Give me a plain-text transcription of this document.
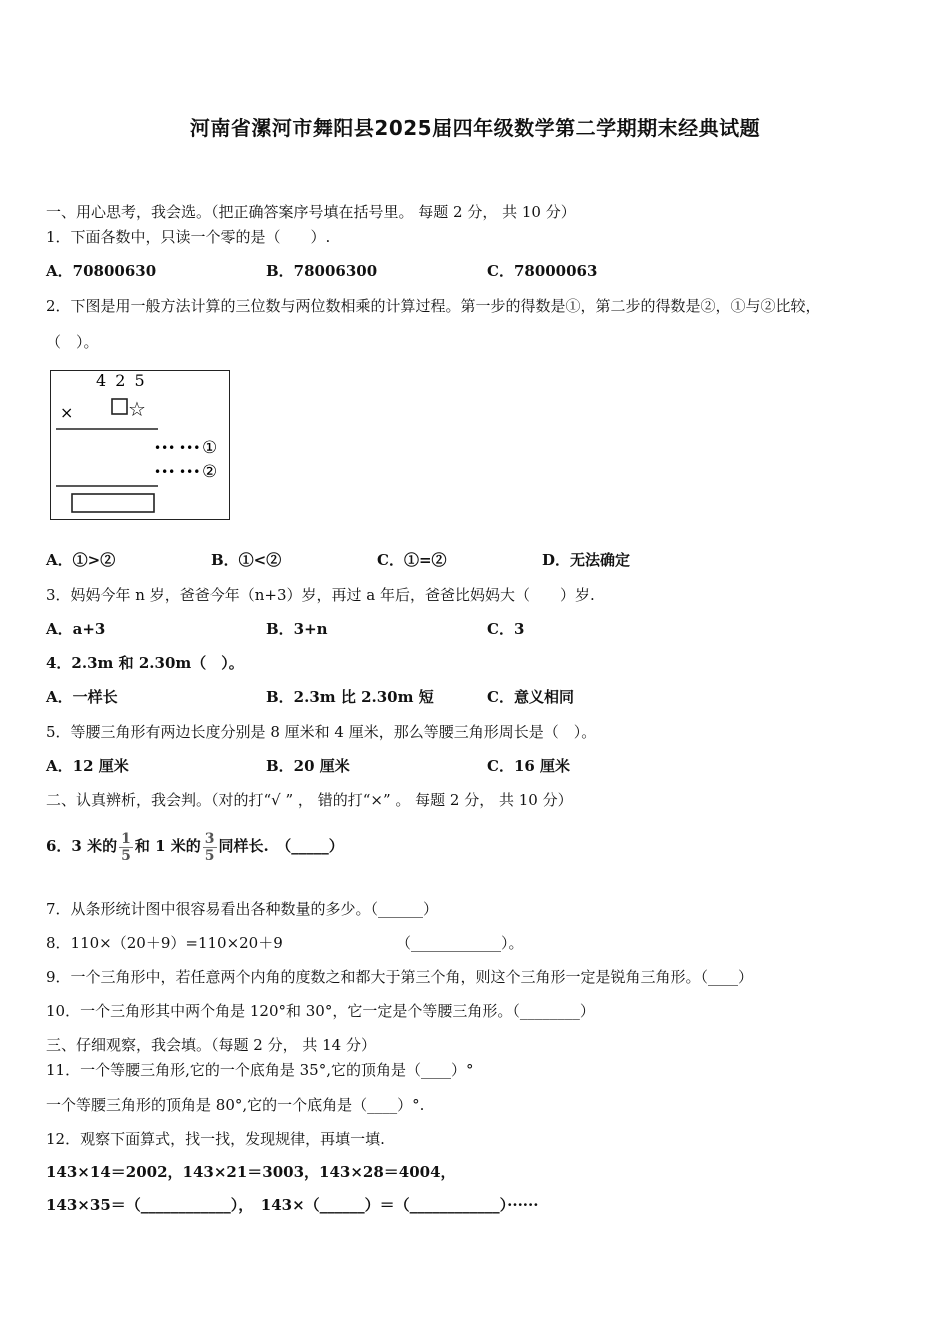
河南省漯河市舞阳县2025届四年级数学第二学期期末经典试题
一、用心思考，我会选。（把正确答案序号填在括号里。 每题 2 分， 共 10 分）
1．下面各数中，只读一个零的是（　　）.
A．70800630	B．78006300	C．78000063
2．下图是用一般方法计算的三位数与两位数相乘的计算过程。第一步的得数是①，第二步的得数是②，①与②比较，
（　）。
4 2 5
×	☆
••• ••• ①
••• ••• ②
A．①>②	B．①<②	C．①=②	D．无法确定
3．妈妈今年 n 岁，爸爸今年（n+3）岁，再过 a 年后，爸爸比妈妈大（　　）岁.
A．a+3	B．3+n	C．3
4．2.3m 和 2.30m（　）。
A．一样长	B．2.3m 比 2.30m 短	C．意义相同
5．等腰三角形有两边长度分别是 8 厘米和 4 厘米，那么等腰三角形周长是（　）。
A．12 厘米	B．20 厘米	C．16 厘米
二、认真辨析，我会判。（对的打“√ ” ， 错的打“×” 。 每题 2 分， 共 10 分）
6．3 米的 $\frac{1}{5}$ 和 1 米的 $\frac{3}{5}$ 同样长.　（_____）
7．从条形统计图中很容易看出各种数量的多少。（______）
8．110×（20＋9）=110×20＋9	（____________）。
9．一个三角形中，若任意两个内角的度数之和都大于第三个角，则这个三角形一定是锐角三角形。（____）
10．一个三角形其中两个角是 120°和 30°，它一定是个等腰三角形。（________）
三、仔细观察，我会填。（每题 2 分， 共 14 分）
11．一个等腰三角形,它的一个底角是 35°,它的顶角是（____）°
一个等腰三角形的顶角是 80°,它的一个底角是（____）°.
12．观察下面算式，找一找，发现规律，再填一填.
143×14＝2002，143×21＝3003，143×28＝4004，
143×35＝（____________），　143×（______）＝（____________）······
